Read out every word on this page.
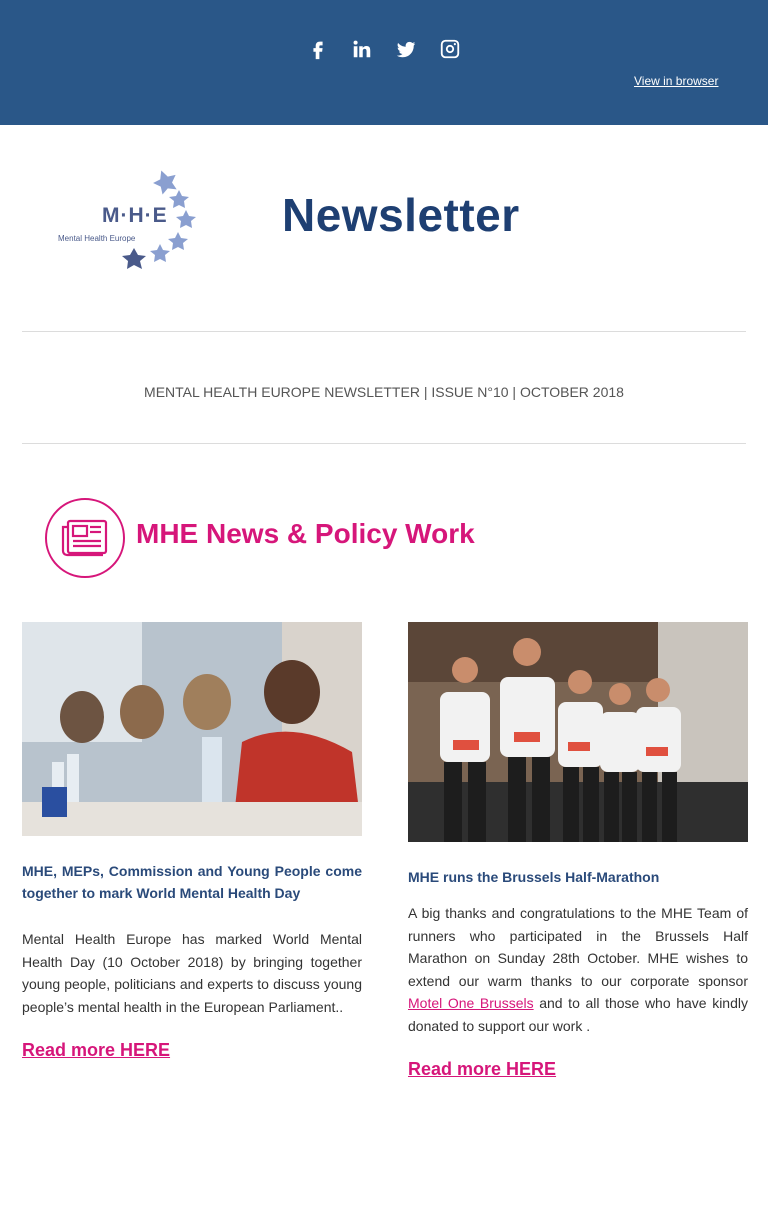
View in browser
M·H·E
Mental Health Europe	Newsletter
MENTAL HEALTH EUROPE NEWSLETTER | ISSUE N°10 | OCTOBER 2018
MHE News & Policy Work

MHE, MEPs, Commission and Young People come together to mark World Mental Health Day

Mental Health Europe has marked World Mental Health Day (10 October 2018) by bringing together young people, politicians and experts to discuss young people’s mental health in the European Parliament..

Read more HERE

MHE runs the Brussels Half-Marathon

A big thanks and congratulations to the MHE Team of runners who participated in the Brussels Half Marathon on Sunday 28th October. MHE wishes to extend our warm thanks to our corporate sponsor Motel One Brussels and to all those who have kindly donated to support our work .

Read more HERE
